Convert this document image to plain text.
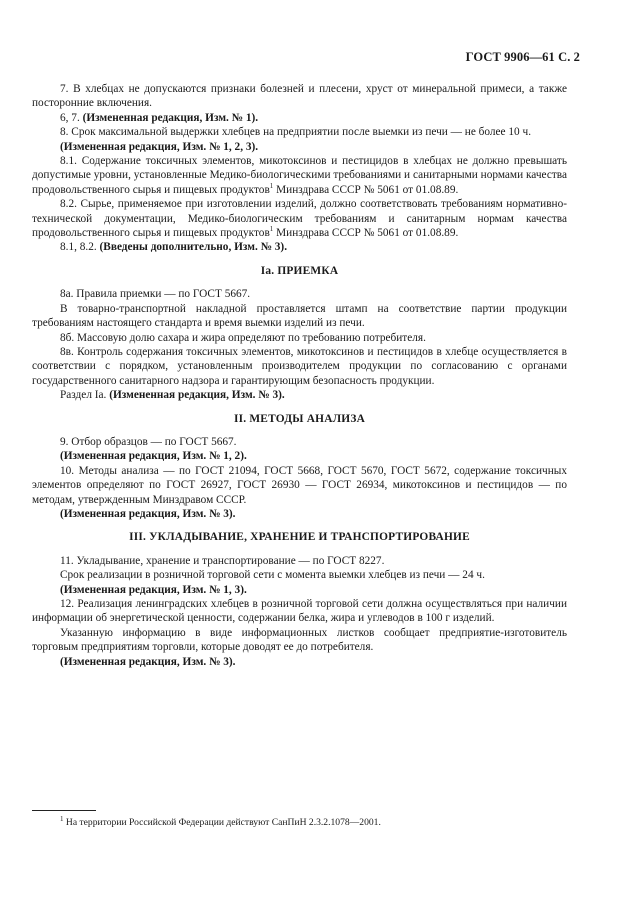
ГОСТ 9906—61 С. 2

7. В хлебцах не допускаются признаки болезней и плесени, хруст от минеральной примеси, а также посторонние включения.

6, 7. (Измененная редакция, Изм. № 1).

8. Срок максимальной выдержки хлебцев на предприятии после выемки из печи — не более 10 ч.

(Измененная редакция, Изм. № 1, 2, 3).

8.1. Содержание токсичных элементов, микотоксинов и пестицидов в хлебцах не должно превышать допустимые уровни, установленные Медико-биологическими требованиями и санитарными нормами качества продовольственного сырья и пищевых продуктов$^1$ Минздрава СССР № 5061 от 01.08.89.

8.2. Сырье, применяемое при изготовлении изделий, должно соответствовать требованиям нормативно-технической документации, Медико-биологическим требованиям и санитарным нормам качества продовольственного сырья и пищевых продуктов$^1$ Минздрава СССР № 5061 от 01.08.89.

8.1, 8.2. (Введены дополнительно, Изм. № 3).

Iа. ПРИЕМКА

8а. Правила приемки — по ГОСТ 5667.

В товарно-транспортной накладной проставляется штамп на соответствие партии продукции требованиям настоящего стандарта и время выемки изделий из печи.

8б. Массовую долю сахара и жира определяют по требованию потребителя.

8в. Контроль содержания токсичных элементов, микотоксинов и пестицидов в хлебце осуществляется в соответствии с порядком, установленным производителем продукции по согласованию с органами государственного санитарного надзора и гарантирующим безопасность продукции.

Раздел Iа. (Измененная редакция, Изм. № 3).

II. МЕТОДЫ АНАЛИЗА

9. Отбор образцов — по ГОСТ 5667.

(Измененная редакция, Изм. № 1, 2).

10. Методы анализа — по ГОСТ 21094, ГОСТ 5668, ГОСТ 5670, ГОСТ 5672, содержание токсичных элементов определяют по ГОСТ 26927, ГОСТ 26930 — ГОСТ 26934, микотоксинов и пестицидов — по методам, утвержденным Минздравом СССР.

(Измененная редакция, Изм. № 3).

III. УКЛАДЫВАНИЕ, ХРАНЕНИЕ И ТРАНСПОРТИРОВАНИЕ

11. Укладывание, хранение и транспортирование — по ГОСТ 8227.

Срок реализации в розничной торговой сети с момента выемки хлебцев из печи — 24 ч.

(Измененная редакция, Изм. № 1, 3).

12. Реализация ленинградских хлебцев в розничной торговой сети должна осуществляться при наличии информации об энергетической ценности, содержании белка, жира и углеводов в 100 г изделий.

Указанную информацию в виде информационных листков сообщает предприятие-изготовитель торговым предприятиям торговли, которые доводят ее до потребителя.

(Измененная редакция, Изм. № 3).

$^1$ На территории Российской Федерации действуют СанПиН 2.3.2.1078—2001.
